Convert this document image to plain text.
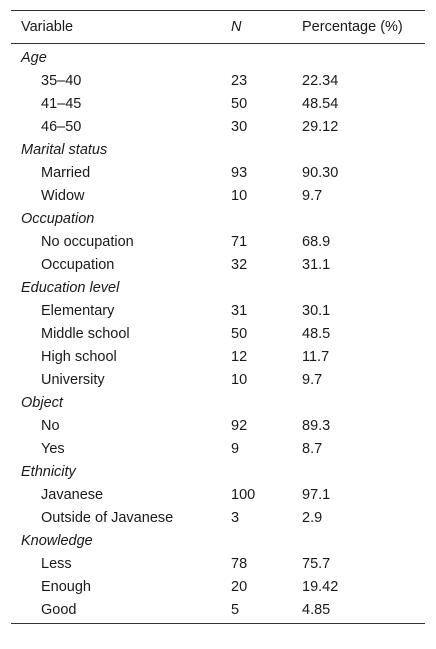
Variable	N	Percentage (%)
Age		
35–40	23	22.34
41–45	50	48.54
46–50	30	29.12
Marital status		
Married	93	90.30
Widow	10	9.7
Occupation		
No occupation	71	68.9
Occupation	32	31.1
Education level		
Elementary	31	30.1
Middle school	50	48.5
High school	12	11.7
University	10	9.7
Object		
No	92	89.3
Yes	9	8.7
Ethnicity		
Javanese	100	97.1
Outside of Javanese	3	2.9
Knowledge		
Less	78	75.7
Enough	20	19.42
Good	5	4.85
